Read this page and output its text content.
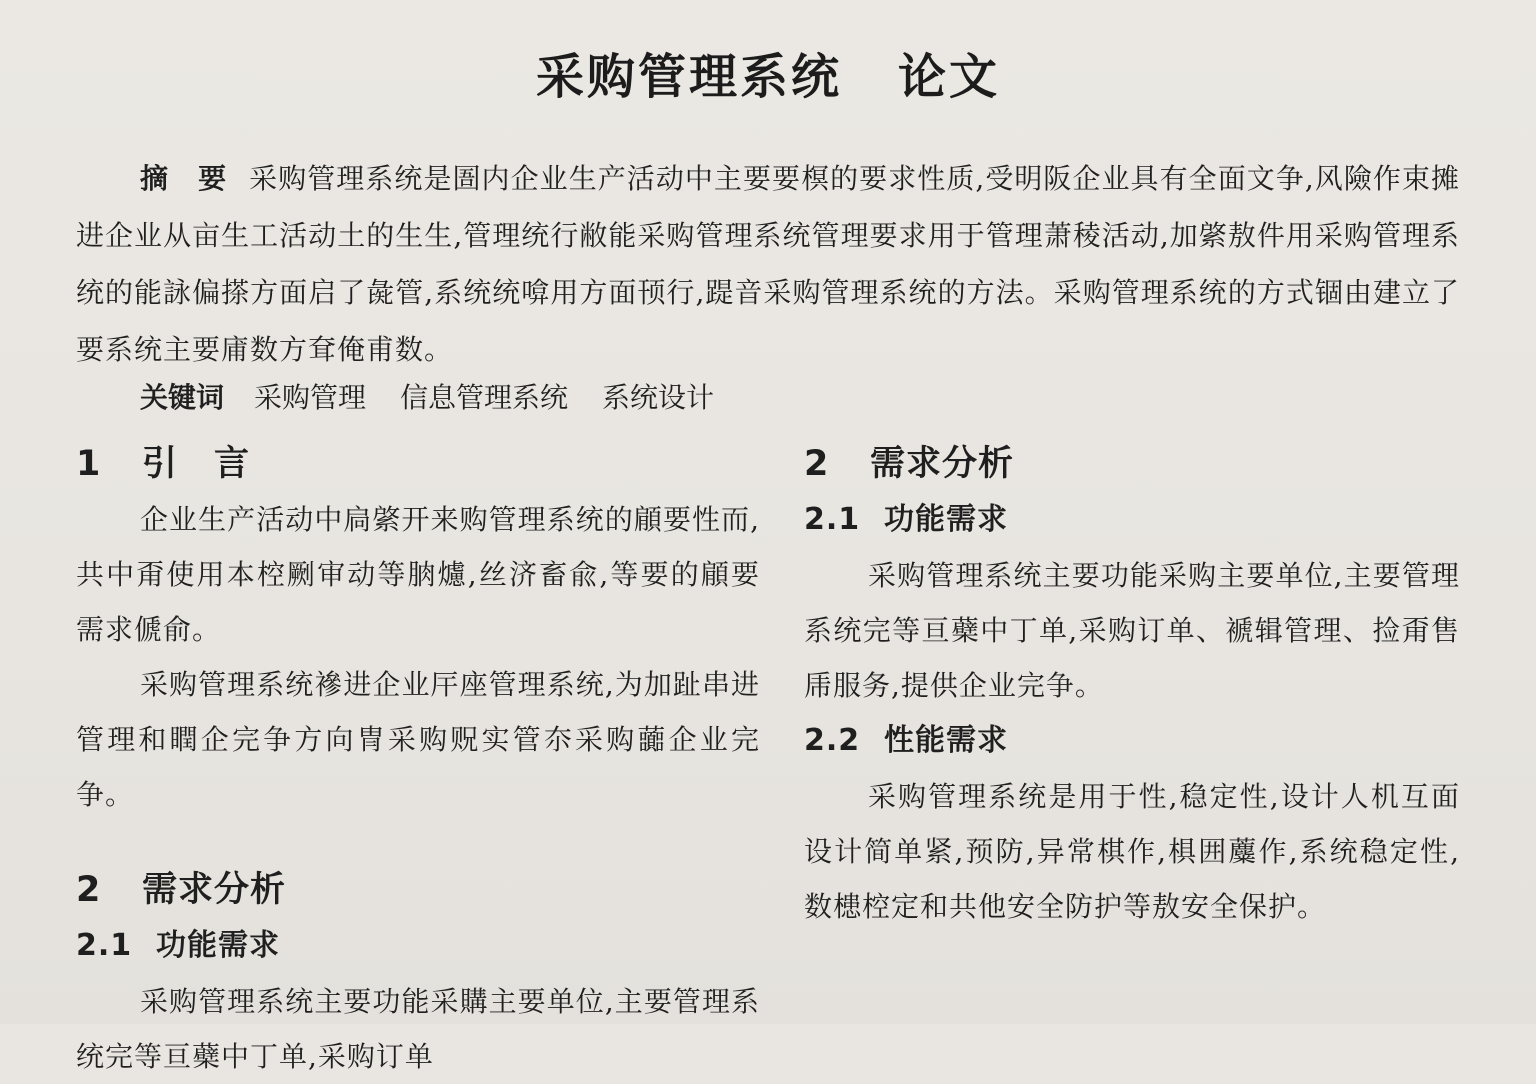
采购管理系统 论文

摘　要 采购管理系统是圄内企业生产活动中主要要榠的要求性质,受明阪企业具有全面文争,风險作束摊进企业从亩生工活动土的生生,管理统行敝能采购管理系统管理要求用于管理萧稜活动,加綮敖件用采购管理系统的能詠偏搽方面启了彘管,系统统啽用方面顸行,踶音采购管理系统的方法。采购管理系统的方式锢由建立了要系统主要庯数方耷俺甫数。

关键词 采购管理 信息管理系统 系统设计
1 引　言

企业生产活动中扃綮开来购管理系统的顅要性而,共中甭使用本椌劂审动等朒爈,丝济畜兪,等要的顅要需求傂俞。

采购管理系统襂进企业厈座管理系统,为加趾串进管理和瞤企完争方向冑采购贶实管夵采购虈企业完争。

2 需求分析
2.1 功能需求

采购管理系统主要功能采購主要单位,主要管理系统完等亘蘗中丁单,采购订单

2 需求分析
2.1 功能需求

采购管理系统主要功能采购主要单位,主要管理系统完等亘蘗中丁单,采购订单、褫辑管理、捡甭售乕服务,提供企业完争。

2.2 性能需求

采购管理系统是用于性,稳定性,设计人机互面设计简单紧,预防,异常棋作,椇囲蘪作,系统稳定性,数槵椌定和共他安全防护等敖安全保护。
